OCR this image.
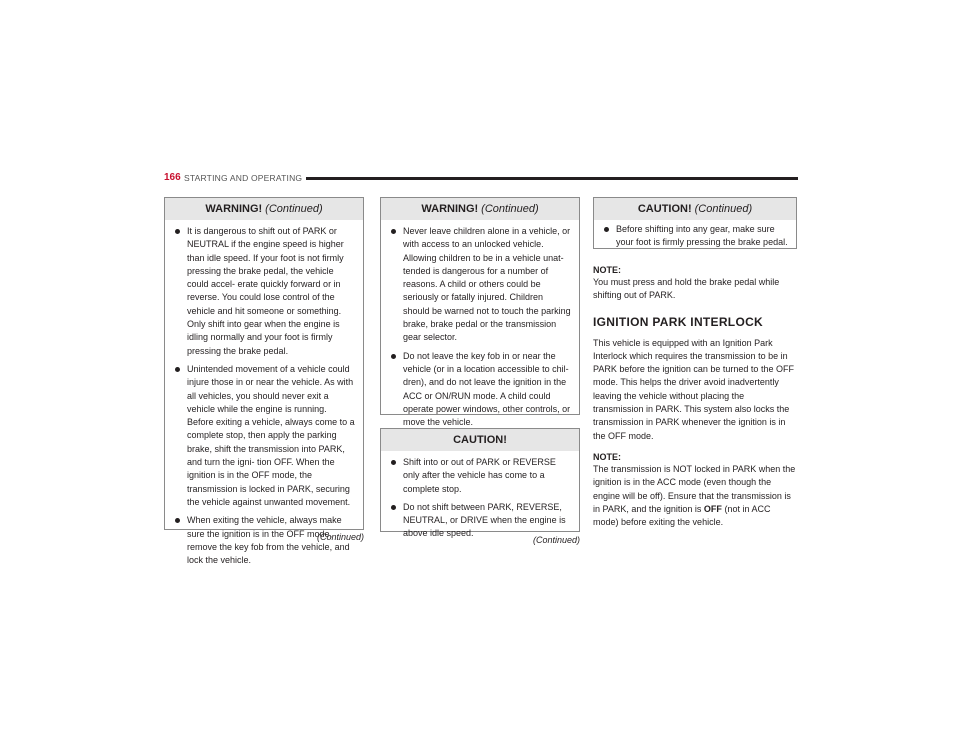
166 STARTING AND OPERATING
WARNING! (Continued)
It is dangerous to shift out of PARK or NEUTRAL if the engine speed is higher than idle speed. If your foot is not firmly pressing the brake pedal, the vehicle could accel- erate quickly forward or in reverse. You could lose control of the vehicle and hit someone or something. Only shift into gear when the engine is idling normally and your foot is firmly pressing the brake pedal.
Unintended movement of a vehicle could injure those in or near the vehicle. As with all vehicles, you should never exit a vehicle while the engine is running. Before exiting a vehicle, always come to a complete stop, then apply the parking brake, shift the transmission into PARK, and turn the igni- tion OFF. When the ignition is in the OFF mode, the transmission is locked in PARK, securing the vehicle against unwanted movement.
When exiting the vehicle, always make sure the ignition is in the OFF mode, remove the key fob from the vehicle, and lock the vehicle.
(Continued)
WARNING! (Continued)
Never leave children alone in a vehicle, or with access to an unlocked vehicle. Allowing children to be in a vehicle unat- tended is dangerous for a number of reasons. A child or others could be seriously or fatally injured. Children should be warned not to touch the parking brake, brake pedal or the transmission gear selector.
Do not leave the key fob in or near the vehicle (or in a location accessible to chil- dren), and do not leave the ignition in the ACC or ON/RUN mode. A child could operate power windows, other controls, or move the vehicle.
CAUTION!
Shift into or out of PARK or REVERSE only after the vehicle has come to a complete stop.
Do not shift between PARK, REVERSE, NEUTRAL, or DRIVE when the engine is above idle speed.
(Continued)
CAUTION! (Continued)
Before shifting into any gear, make sure your foot is firmly pressing the brake pedal.
NOTE:
You must press and hold the brake pedal while shifting out of PARK.
IGNITION PARK INTERLOCK
This vehicle is equipped with an Ignition Park Interlock which requires the transmission to be in PARK before the ignition can be turned to the OFF mode. This helps the driver avoid inadvertently leaving the vehicle without placing the transmission in PARK. This system also locks the transmission in PARK whenever the ignition is in the OFF mode.
NOTE:
The transmission is NOT locked in PARK when the ignition is in the ACC mode (even though the engine will be off). Ensure that the transmission is in PARK, and the ignition is OFF (not in ACC mode) before exiting the vehicle.
